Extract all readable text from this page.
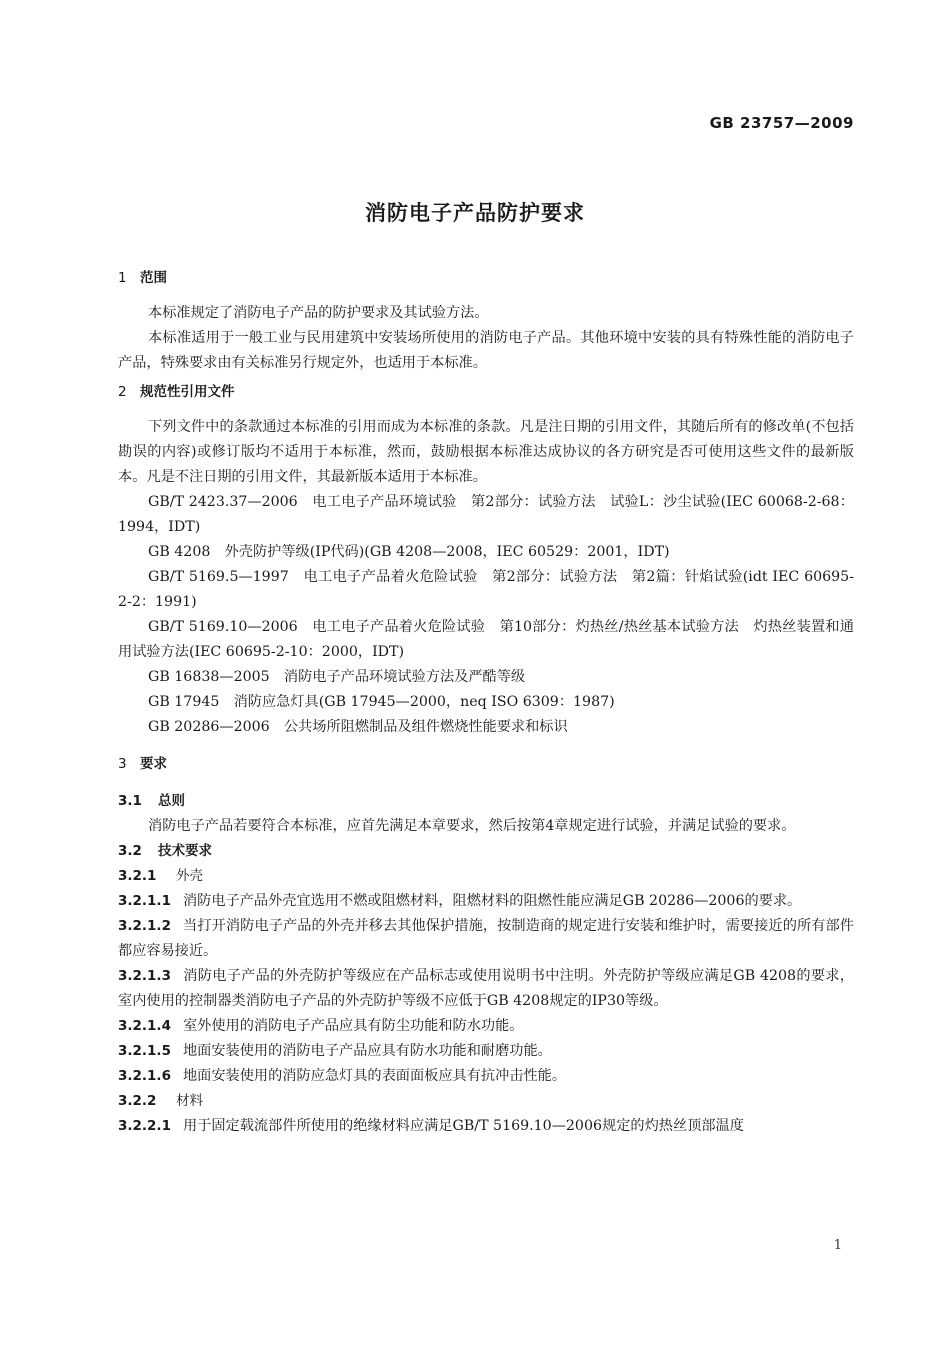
GB 23757—2009
消防电子产品防护要求
1 范围
本标准规定了消防电子产品的防护要求及其试验方法。
本标准适用于一般工业与民用建筑中安装场所使用的消防电子产品。其他环境中安装的具有特殊性能的消防电子产品，特殊要求由有关标准另行规定外，也适用于本标准。
2 规范性引用文件
下列文件中的条款通过本标准的引用而成为本标准的条款。凡是注日期的引用文件，其随后所有的修改单(不包括勘误的内容)或修订版均不适用于本标准，然而，鼓励根据本标准达成协议的各方研究是否可使用这些文件的最新版本。凡是不注日期的引用文件，其最新版本适用于本标准。
GB/T 2423.37—2006　电工电子产品环境试验　第2部分：试验方法　试验L：沙尘试验(IEC 60068-2-68：1994，IDT)
GB 4208　外壳防护等级(IP代码)(GB 4208—2008，IEC 60529：2001，IDT)
GB/T 5169.5—1997　电工电子产品着火危险试验　第2部分：试验方法　第2篇：针焰试验(idt IEC 60695-2-2：1991)
GB/T 5169.10—2006　电工电子产品着火危险试验　第10部分：灼热丝/热丝基本试验方法　灼热丝装置和通用试验方法(IEC 60695-2-10：2000，IDT)
GB 16838—2005　消防电子产品环境试验方法及严酷等级
GB 17945　消防应急灯具(GB 17945—2000，neq ISO 6309：1987)
GB 20286—2006　公共场所阻燃制品及组件燃烧性能要求和标识
3 要求
3.1 总则
消防电子产品若要符合本标准，应首先满足本章要求，然后按第4章规定进行试验，并满足试验的要求。
3.2 技术要求
3.2.1 外壳
3.2.1.1 消防电子产品外壳宜选用不燃或阻燃材料，阻燃材料的阻燃性能应满足GB 20286—2006的要求。
3.2.1.2 当打开消防电子产品的外壳并移去其他保护措施，按制造商的规定进行安装和维护时，需要接近的所有部件都应容易接近。
3.2.1.3 消防电子产品的外壳防护等级应在产品标志或使用说明书中注明。外壳防护等级应满足GB 4208的要求，室内使用的控制器类消防电子产品的外壳防护等级不应低于GB 4208规定的IP30等级。
3.2.1.4 室外使用的消防电子产品应具有防尘功能和防水功能。
3.2.1.5 地面安装使用的消防电子产品应具有防水功能和耐磨功能。
3.2.1.6 地面安装使用的消防应急灯具的表面面板应具有抗冲击性能。
3.2.2 材料
3.2.2.1 用于固定载流部件所使用的绝缘材料应满足GB/T 5169.10—2006规定的灼热丝顶部温度
1
